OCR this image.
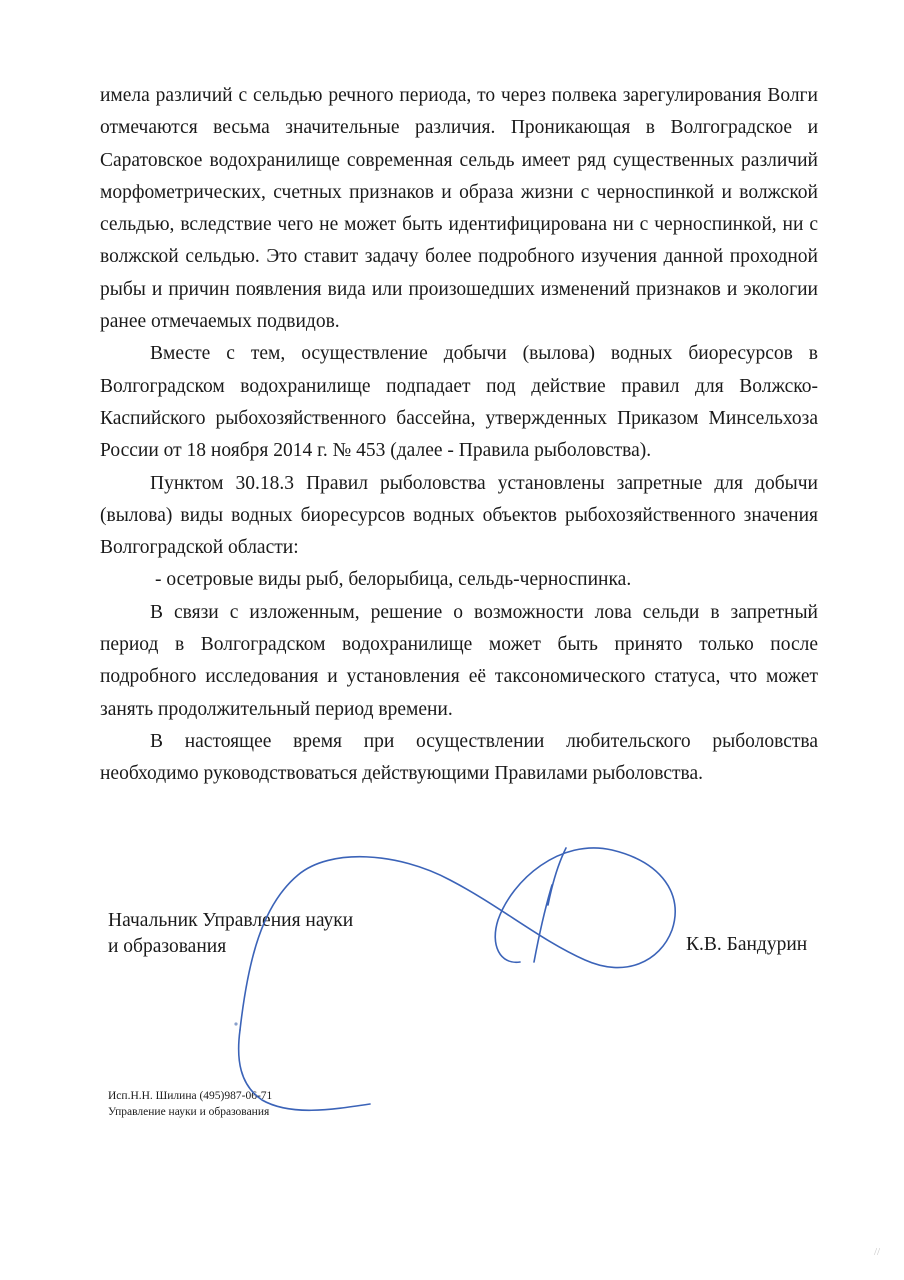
имела различий с сельдью речного периода, то через полвека зарегулирования Волги отмечаются весьма значительные различия. Проникающая в Волгоградское и Саратовское водохранилище современная сельдь имеет ряд существенных различий морфометрических, счетных признаков и образа жизни с черноспинкой и волжской сельдью, вследствие чего не может быть идентифицирована ни с черноспинкой, ни с волжской сельдью. Это ставит задачу более подробного изучения данной проходной рыбы и причин появления вида или произошедших изменений признаков и экологии ранее отмечаемых подвидов.

Вместе с тем, осуществление добычи (вылова) водных биоресурсов в Волгоградском водохранилище подпадает под действие правил для Волжско-Каспийского рыбохозяйственного бассейна, утвержденных Приказом Минсельхоза России от 18 ноября 2014 г. № 453 (далее - Правила рыболовства).

Пунктом 30.18.3 Правил рыболовства установлены запретные для добычи (вылова) виды водных биоресурсов водных объектов рыбохозяйственного значения Волгоградской области:

- осетровые виды рыб, белорыбица, сельдь-черноспинка.

В связи с изложенным, решение о возможности лова сельди в запретный период в Волгоградском водохранилище может быть принято только после подробного исследования и установления её таксономического статуса, что может занять продолжительный период времени.

В настоящее время при осуществлении любительского рыболовства необходимо руководствоваться действующими Правилами рыболовства.

Начальник Управления науки
и образования	К.В. Бандурин
Исп.Н.Н. Шилина (495)987-06-71
Управление науки и образования
//
